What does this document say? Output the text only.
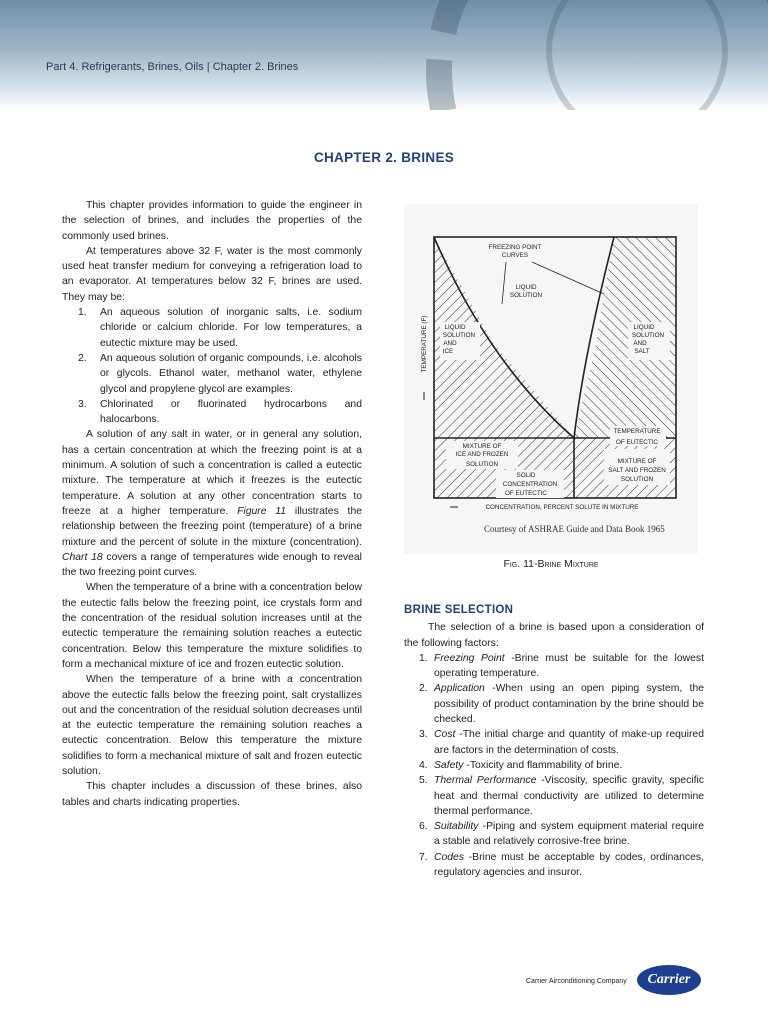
Part 4. Refrigerants, Brines, Oils | Chapter 2. Brines
CHAPTER 2. BRINES

This chapter provides information to guide the engineer in the selection of brines, and includes the properties of the commonly used brines.

At temperatures above 32 F, water is the most commonly used heat transfer medium for conveying a refrigeration load to an evaporator. At temperatures below 32 F, brines are used. They may be:

1. An aqueous solution of inorganic salts, i.e. sodium chloride or calcium chloride. For low temperatures, a eutectic mixture may be used.
2. An aqueous solution of organic compounds, i.e. alcohols or glycols. Ethanol water, methanol water, ethylene glycol and propylene glycol are examples.
3. Chlorinated or fluorinated hydrocarbons and halocarbons.

A solution of any salt in water, or in general any solution, has a certain concentration at which the freezing point is at a minimum. A solution of such a concentration is called a eutectic mixture. The temperature at which it freezes is the eutectic temperature. A solution at any other concentration starts to freeze at a higher temperature. Figure 11 illustrates the relationship between the freezing point (temperature) of a brine mixture and the percent of solute in the mixture (concentration). Chart 18 covers a range of temperatures wide enough to reveal the two freezing point curves.

When the temperature of a brine with a concentration below the eutectic falls below the freezing point, ice crystals form and the concentration of the residual solution increases until at the eutectic temperature the remaining solution reaches a eutectic concentration. Below this temperature the mixture solidifies to form a mechanical mixture of ice and frozen eutectic solution.

When the temperature of a brine with a concentration above the eutectic falls below the freezing point, salt crystallizes out and the concentration of the residual solution decreases until at the eutectic temperature the remaining solution reaches a eutectic concentration. Below this temperature the mixture solidifies to form a mechanical mixture of salt and frozen eutectic solution.

This chapter includes a discussion of these brines, also tables and charts indicating properties.

FREEZING POINT
CURVES
LIQUID
SOLUTION
LIQUID
SOLUTION
AND
ICE
LIQUID
SOLUTION
AND
SALT
TEMPERATURE
OF EUTECTIC
MIXTURE OF
ICE AND FROZEN
SOLUTION	MIXTURE OF
SALT AND FROZEN
SOLUTION
SOLID
CONCENTRATION
OF EUTECTIC
CONCENTRATION, PERCENT SOLUTE IN MIXTURE
TEMPERATURE (F)
Courtesy of ASHRAE Guide and Data Book 1965
Fig. 11-Brine Mixture
BRINE SELECTION

The selection of a brine is based upon a consideration of the following factors:

1. Freezing Point -Brine must be suitable for the lowest operating temperature.
2. Application -When using an open piping system, the possibility of product contamination by the brine should be checked.
3. Cost -The initial charge and quantity of make-up required are factors in the determination of costs.
4. Safety -Toxicity and flammability of brine.
5. Thermal Performance -Viscosity, specific gravity, specific heat and thermal conductivity are utilized to determine thermal performance.
6. Suitability -Piping and system equipment material require a stable and relatively corrosive-free brine.
7. Codes -Brine must be acceptable by codes, ordinances, regulatory agencies and insuror.
Carrier Airconditioning Company	Carrier
